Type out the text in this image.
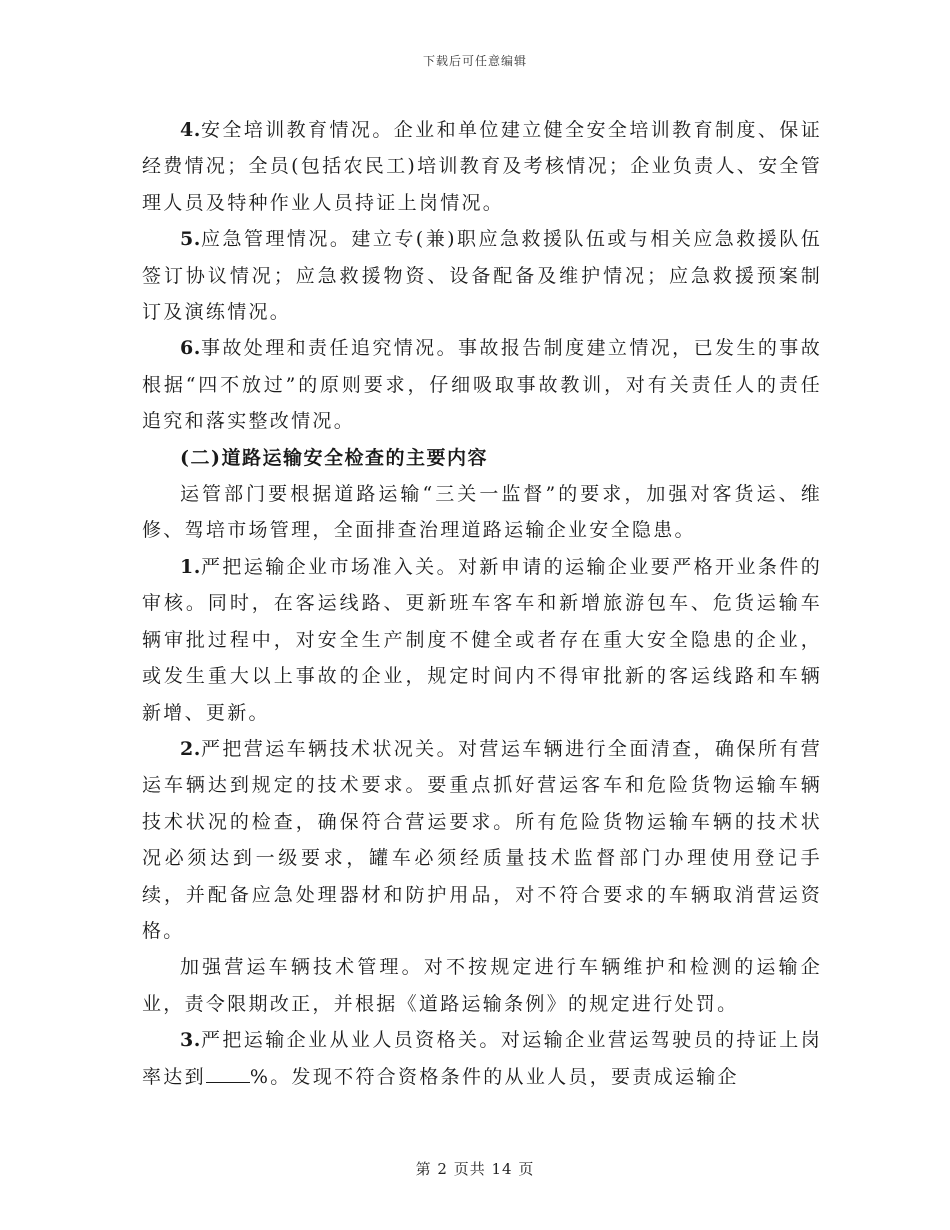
下载后可任意编辑

4.安全培训教育情况。企业和单位建立健全安全培训教育制度、保证经费情况；全员(包括农民工)培训教育及考核情况；企业负责人、安全管理人员及特种作业人员持证上岗情况。

5.应急管理情况。建立专(兼)职应急救援队伍或与相关应急救援队伍签订协议情况；应急救援物资、设备配备及维护情况；应急救援预案制订及演练情况。

6.事故处理和责任追究情况。事故报告制度建立情况，已发生的事故根据“四不放过”的原则要求，仔细吸取事故教训，对有关责任人的责任追究和落实整改情况。

(二)道路运输安全检查的主要内容

运管部门要根据道路运输“三关一监督”的要求，加强对客货运、维修、驾培市场管理，全面排查治理道路运输企业安全隐患。

1.严把运输企业市场准入关。对新申请的运输企业要严格开业条件的审核。同时，在客运线路、更新班车客车和新增旅游包车、危货运输车辆审批过程中，对安全生产制度不健全或者存在重大安全隐患的企业，或发生重大以上事故的企业，规定时间内不得审批新的客运线路和车辆新增、更新。

2.严把营运车辆技术状况关。对营运车辆进行全面清查，确保所有营运车辆达到规定的技术要求。要重点抓好营运客车和危险货物运输车辆技术状况的检查，确保符合营运要求。所有危险货物运输车辆的技术状况必须达到一级要求，罐车必须经质量技术监督部门办理使用登记手续，并配备应急处理器材和防护用品，对不符合要求的车辆取消营运资格。

加强营运车辆技术管理。对不按规定进行车辆维护和检测的运输企业，责令限期改正，并根据《道路运输条例》的规定进行处罚。

3.严把运输企业从业人员资格关。对运输企业营运驾驶员的持证上岗率达到 %。发现不符合资格条件的从业人员，要责成运输企

第 2 页共 14 页
